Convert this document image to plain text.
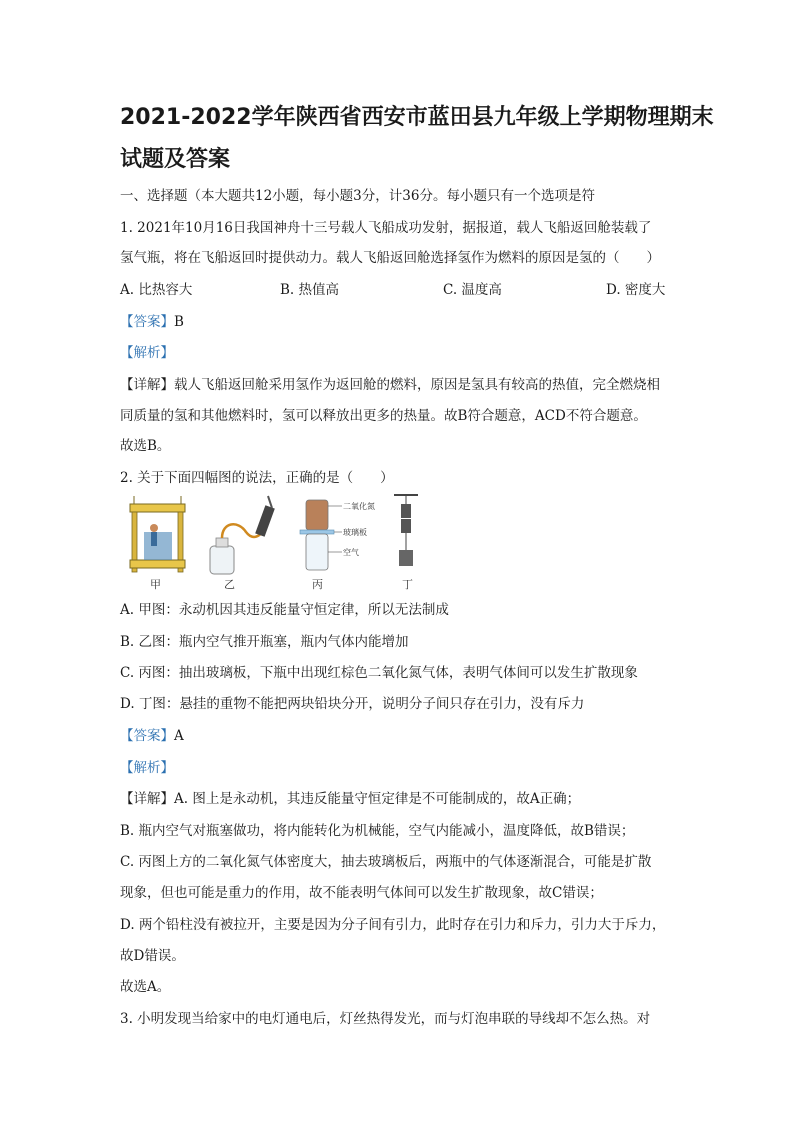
2021-2022学年陕西省西安市蓝田县九年级上学期物理期末
试题及答案
一、选择题（本大题共12小题，每小题3分，计36分。每小题只有一个选项是符
1. 2021年10月16日我国神舟十三号载人飞船成功发射，据报道，载人飞船返回舱装载了
氢气瓶，将在飞船返回时提供动力。载人飞船返回舱选择氢作为燃料的原因是氢的（　　）
A. 比热容大	B. 热值高	C. 温度高	D. 密度大
【答案】B
【解析】
【详解】载人飞船返回舱采用氢作为返回舱的燃料，原因是氢具有较高的热值，完全燃烧相
同质量的氢和其他燃料时，氢可以释放出更多的热量。故B符合题意，ACD不符合题意。
故选B。
2. 关于下面四幅图的说法，正确的是（　　）
二氧化氮
玻璃板
空气
甲	乙	丙	丁
A. 甲图：永动机因其违反能量守恒定律，所以无法制成
B. 乙图：瓶内空气推开瓶塞，瓶内气体内能增加
C. 丙图：抽出玻璃板，下瓶中出现红棕色二氧化氮气体，表明气体间可以发生扩散现象
D. 丁图：悬挂的重物不能把两块铅块分开，说明分子间只存在引力，没有斥力
【答案】A
【解析】
【详解】A. 图上是永动机，其违反能量守恒定律是不可能制成的，故A正确；
B. 瓶内空气对瓶塞做功，将内能转化为机械能，空气内能减小，温度降低，故B错误；
C. 丙图上方的二氧化氮气体密度大，抽去玻璃板后，两瓶中的气体逐渐混合，可能是扩散
现象，但也可能是重力的作用，故不能表明气体间可以发生扩散现象，故C错误；
D. 两个铅柱没有被拉开，主要是因为分子间有引力，此时存在引力和斥力，引力大于斥力，
故D错误。
故选A。
3. 小明发现当给家中的电灯通电后，灯丝热得发光，而与灯泡串联的导线却不怎么热。对
